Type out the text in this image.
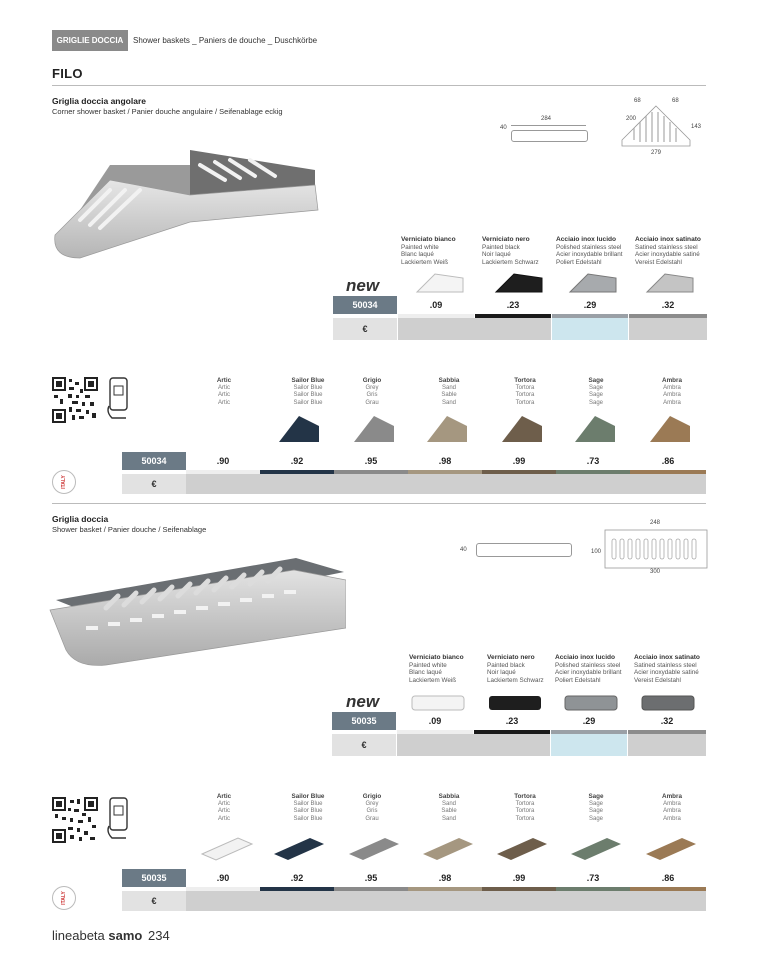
GRIGLIE DOCCIA	Shower baskets _ Paniers de douche _ Duschkörbe
FILO
Griglia doccia angolare
Corner shower basket / Panier douche angulaire / Seifenablage eckig
284
40
68	68
200
143
279
Verniciato bianco
Painted white
Blanc laqué
Lackiertem Weiß
Verniciato nero
Painted black
Noir laqué
Lackiertem Schwarz
Acciaio inox lucido
Polished stainless steel
Acier inoxydable brillant
Poliert Edelstahl
Acciaio inox satinato
Satined stainless steel
Acier inoxydable satiné
Vereist Edelstahl
new
50034
€
.09	.23	.29	.32
Artic
Artic
Artic
Artic
Sailor Blue
Sailor Blue
Sailor Blue
Sailor Blue
Grigio
Grey
Gris
Grau
Sabbia
Sand
Sable
Sand
Tortora
Tortora
Tortora
Tortora
Sage
Sage
Sage
Sage
Ambra
Ambra
Ambra
Ambra
50034
€
ITALY
.90	.92	.95	.98	.99	.73	.86
Griglia doccia
Shower basket / Panier douche / Seifenablage
40
248
100
300
Verniciato bianco
Painted white
Blanc laqué
Lackiertem Weiß
Verniciato nero
Painted black
Noir laqué
Lackiertem Schwarz
Acciaio inox lucido
Polished stainless steel
Acier inoxydable brillant
Poliert Edelstahl
Acciaio inox satinato
Satined stainless steel
Acier inoxydable satiné
Vereist Edelstahl
new
50035
€
.09	.23	.29	.32
Artic
Artic
Artic
Artic
Sailor Blue
Sailor Blue
Sailor Blue
Sailor Blue
Grigio
Grey
Gris
Grau
Sabbia
Sand
Sable
Sand
Tortora
Tortora
Tortora
Tortora
Sage
Sage
Sage
Sage
Ambra
Ambra
Ambra
Ambra
50035
€
ITALY
.90	.92	.95	.98	.99	.73	.86
lineabeta samo 234
